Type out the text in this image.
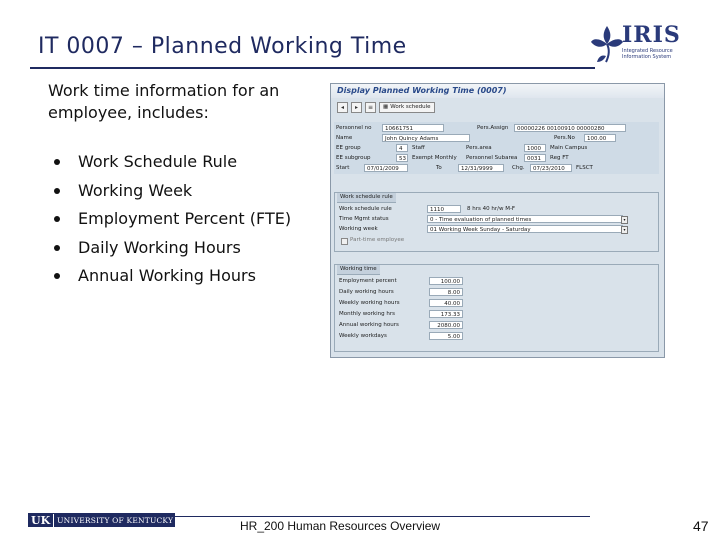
IT 0007 – Planned Working Time	IRIS
Integrated Resource Information System
Work time information for an employee, includes:
Work Schedule Rule
Working Week
Employment Percent (FTE)
Daily Working Hours
Annual Working Hours
Display Planned Working Time (0007)
◂	▸	≡	▦ Work schedule
Personnel no	10661751	Pers.Assign	00000226 00100910 00000280
Name	John Quincy Adams	Pers.No	100.00
EE group	4	Staff	Pers.area	1000	Main Campus
EE subgroup	53	Exempt Monthly Personnel Subarea	0031	Reg FT
Start	07/01/2009	To	12/31/9999	Chg.	07/23/2010	FLSCT
Work schedule rule
Work schedule rule	1110	8 hrs 40 hr/w M-F
Time Mgmt status	0 - Time evaluation of planned times	▾
Working week	01 Working Week Sunday - Saturday	▾
Part-time employee
Working time
Employment percent	100.00
Daily working hours	8.00
Weekly working hours	40.00
Monthly working hrs	173.33
Annual working hours	2080.00
Weekly workdays	5.00
UK UNIVERSITY OF KENTUCKY	HR_200 Human Resources Overview	47
